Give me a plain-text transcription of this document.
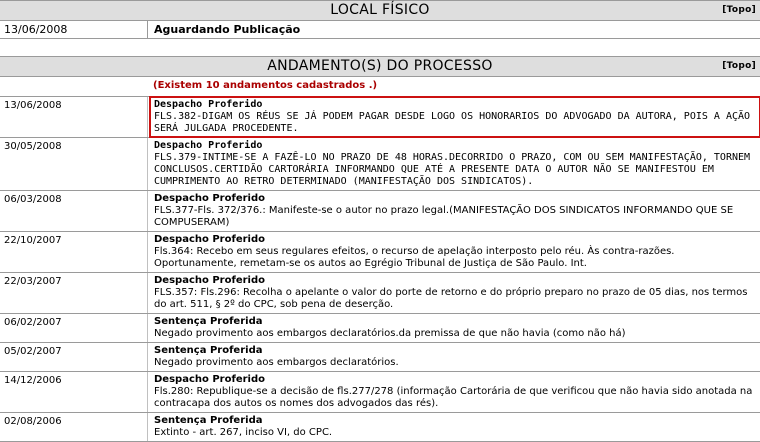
LOCAL FÍSICO	[Topo]
13/06/2008	Aguardando Publicação
ANDAMENTO(S) DO PROCESSO	[Topo]
(Existem 10 andamentos cadastrados .)
13/06/2008	Despacho Proferido
FLS.382-DIGAM OS RÉUS SE JÁ PODEM PAGAR DESDE LOGO OS HONORARIOS DO ADVOGADO DA AUTORA, POIS A AÇÃO SERÁ JULGADA PROCEDENTE.
30/05/2008	Despacho Proferido
FLS.379-INTIME-SE A FAZÊ-LO NO PRAZO DE 48 HORAS.DECORRIDO O PRAZO, COM OU SEM MANIFESTAÇÃO, TORNEM CONCLUSOS.CERTIDÃO CARTORÁRIA INFORMANDO QUE ATÉ A PRESENTE DATA O AUTOR NÃO SE MANIFESTOU EM CUMPRIMENTO AO RETRO DETERMINADO (MANIFESTAÇÃO DOS SINDICATOS).
06/03/2008	Despacho Proferido
FLS.377-Fls. 372/376.: Manifeste-se o autor no prazo legal.(MANIFESTAÇÃO DOS SINDICATOS INFORMANDO QUE SE COMPUSERAM)
22/10/2007	Despacho Proferido
Fls.364: Recebo em seus regulares efeitos, o recurso de apelação interposto pelo réu. Às contra-razões. Oportunamente, remetam-se os autos ao Egrégio Tribunal de Justiça de São Paulo. Int.
22/03/2007	Despacho Proferido
FLS.357: Fls.296: Recolha o apelante o valor do porte de retorno e do próprio preparo no prazo de 05 dias, nos termos do art. 511, § 2º do CPC, sob pena de deserção.
06/02/2007	Sentença Proferida
Negado provimento aos embargos declaratórios.da premissa de que não havia (como não há)
05/02/2007	Sentença Proferida
Negado provimento aos embargos declaratórios.
14/12/2006	Despacho Proferido
Fls.280: Republique-se a decisão de fls.277/278 (informação Cartorária de que verificou que não havia sido anotada na contracapa dos autos os nomes dos advogados das rés).
02/08/2006	Sentença Proferida
Extinto - art. 267, inciso VI, do CPC.
